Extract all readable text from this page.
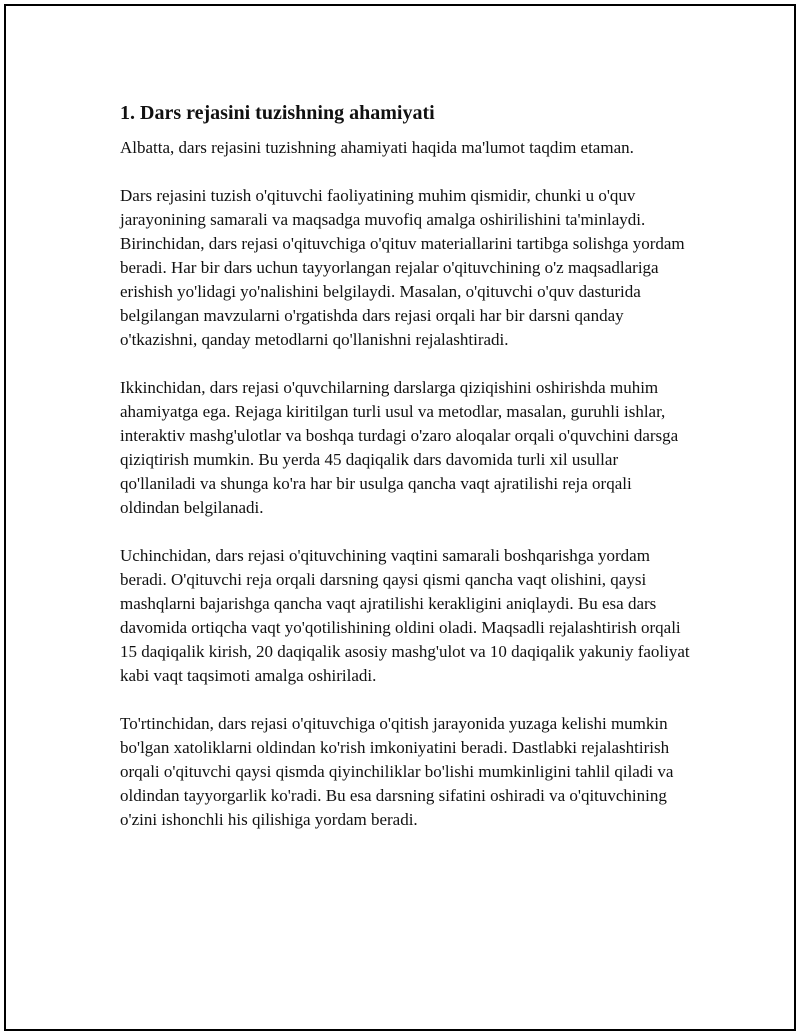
1. Dars rejasini tuzishning ahamiyati

Albatta, dars rejasini tuzishning ahamiyati haqida ma'lumot taqdim etaman.

Dars rejasini tuzish o'qituvchi faoliyatining muhim qismidir, chunki u o'quv jarayonining samarali va maqsadga muvofiq amalga oshirilishini ta'minlaydi. Birinchidan, dars rejasi o'qituvchiga o'qituv materiallarini tartibga solishga yordam beradi. Har bir dars uchun tayyorlangan rejalar o'qituvchining o'z maqsadlariga erishish yo'lidagi yo'nalishini belgilaydi. Masalan, o'qituvchi o'quv dasturida belgilangan mavzularni o'rgatishda dars rejasi orqali har bir darsni qanday o'tkazishni, qanday metodlarni qo'llanishni rejalashtiradi.

Ikkinchidan, dars rejasi o'quvchilarning darslarga qiziqishini oshirishda muhim ahamiyatga ega. Rejaga kiritilgan turli usul va metodlar, masalan, guruhli ishlar, interaktiv mashg'ulotlar va boshqa turdagi o'zaro aloqalar orqali o'quvchini darsga qiziqtirish mumkin. Bu yerda 45 daqiqalik dars davomida turli xil usullar qo'llaniladi va shunga ko'ra har bir usulga qancha vaqt ajratilishi reja orqali oldindan belgilanadi.

Uchinchidan, dars rejasi o'qituvchining vaqtini samarali boshqarishga yordam beradi. O'qituvchi reja orqali darsning qaysi qismi qancha vaqt olishini, qaysi mashqlarni bajarishga qancha vaqt ajratilishi kerakligini aniqlaydi. Bu esa dars davomida ortiqcha vaqt yo'qotilishining oldini oladi. Maqsadli rejalashtirish orqali 15 daqiqalik kirish, 20 daqiqalik asosiy mashg'ulot va 10 daqiqalik yakuniy faoliyat kabi vaqt taqsimoti amalga oshiriladi.

To'rtinchidan, dars rejasi o'qituvchiga o'qitish jarayonida yuzaga kelishi mumkin bo'lgan xatoliklarni oldindan ko'rish imkoniyatini beradi. Dastlabki rejalashtirish orqali o'qituvchi qaysi qismda qiyinchiliklar bo'lishi mumkinligini tahlil qiladi va oldindan tayyorgarlik ko'radi. Bu esa darsning sifatini oshiradi va o'qituvchining o'zini ishonchli his qilishiga yordam beradi.
